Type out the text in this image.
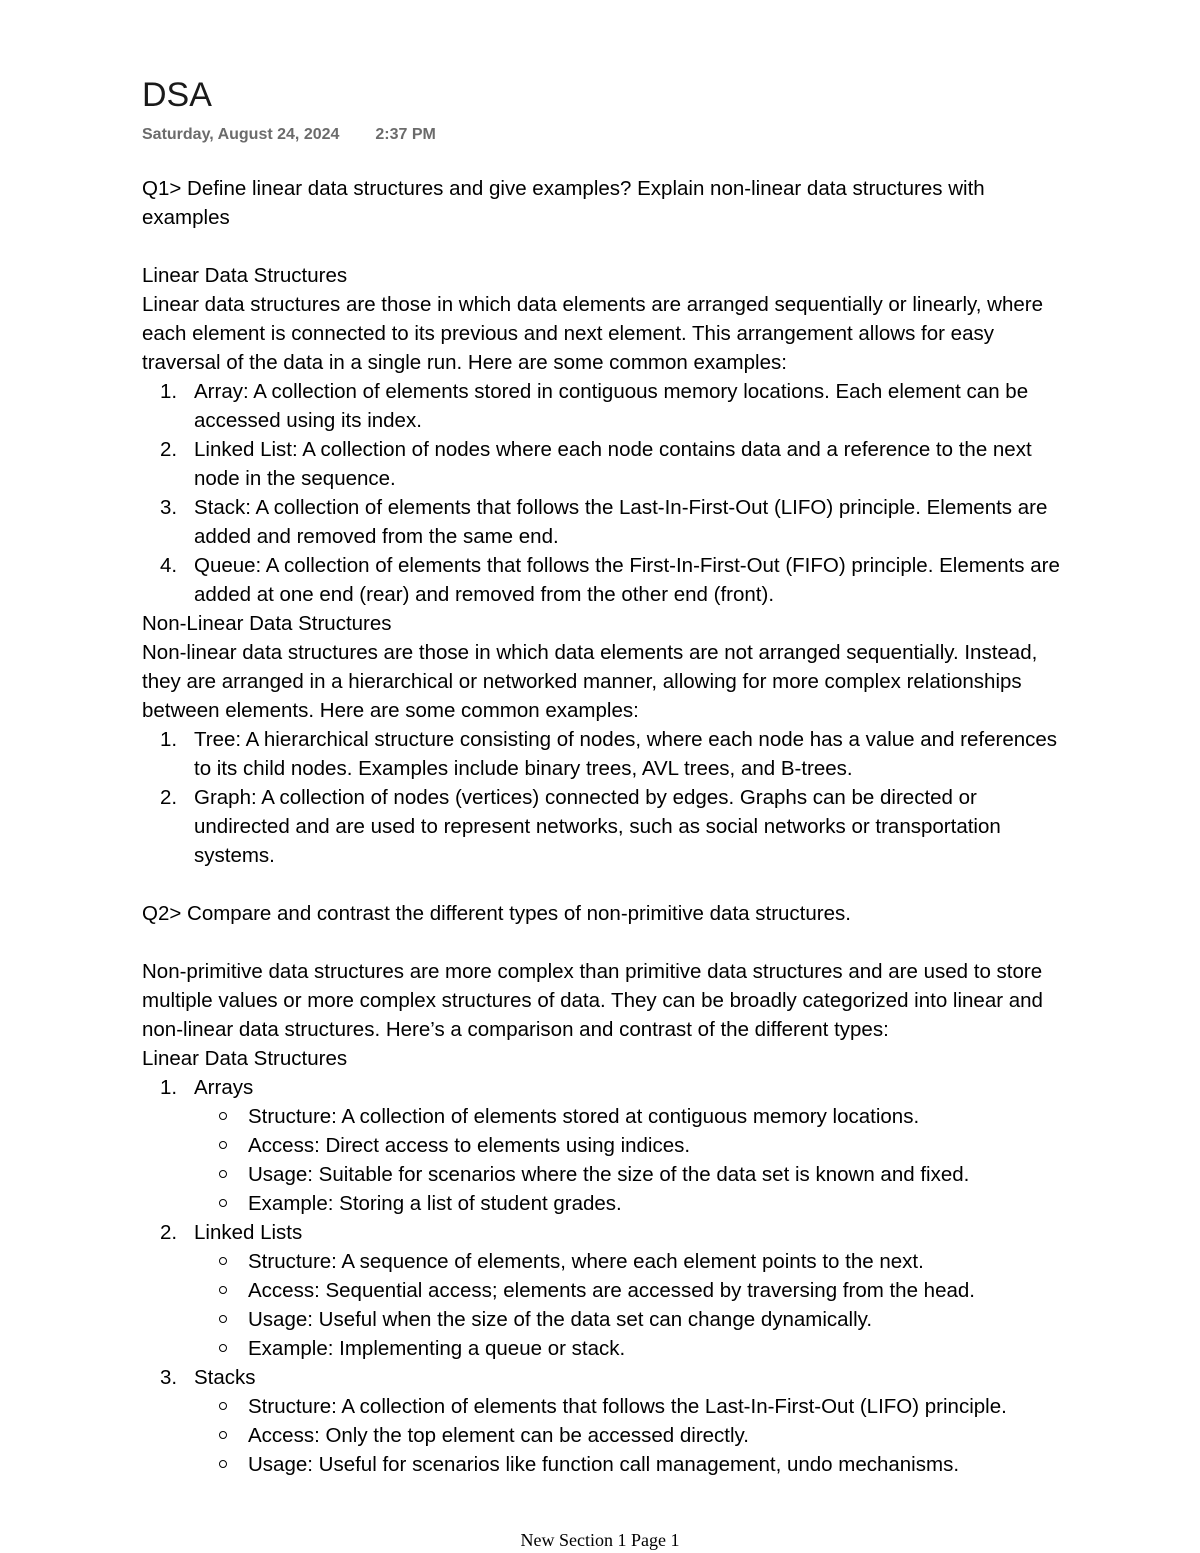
DSA
Saturday, August 24, 2024 2:37 PM

Q1> Define linear data structures and give examples? Explain non-linear data structures with examples

Linear Data Structures

Linear data structures are those in which data elements are arranged sequentially or linearly, where each element is connected to its previous and next element. This arrangement allows for easy traversal of the data in a single run. Here are some common examples:

1. Array: A collection of elements stored in contiguous memory locations. Each element can be accessed using its index.
2. Linked List: A collection of nodes where each node contains data and a reference to the next node in the sequence.
3. Stack: A collection of elements that follows the Last-In-First-Out (LIFO) principle. Elements are added and removed from the same end.
4. Queue: A collection of elements that follows the First-In-First-Out (FIFO) principle. Elements are added at one end (rear) and removed from the other end (front).

Non-Linear Data Structures

Non-linear data structures are those in which data elements are not arranged sequentially. Instead, they are arranged in a hierarchical or networked manner, allowing for more complex relationships between elements. Here are some common examples:

1. Tree: A hierarchical structure consisting of nodes, where each node has a value and references to its child nodes. Examples include binary trees, AVL trees, and B-trees.
2. Graph: A collection of nodes (vertices) connected by edges. Graphs can be directed or undirected and are used to represent networks, such as social networks or transportation systems.

Q2> Compare and contrast the different types of non-primitive data structures.

Non-primitive data structures are more complex than primitive data structures and are used to store multiple values or more complex structures of data. They can be broadly categorized into linear and non-linear data structures. Here’s a comparison and contrast of the different types:

Linear Data Structures

1. Arrays
Structure: A collection of elements stored at contiguous memory locations.
Access: Direct access to elements using indices.
Usage: Suitable for scenarios where the size of the data set is known and fixed.
Example: Storing a list of student grades.
2. Linked Lists
Structure: A sequence of elements, where each element points to the next.
Access: Sequential access; elements are accessed by traversing from the head.
Usage: Useful when the size of the data set can change dynamically.
Example: Implementing a queue or stack.
3. Stacks
Structure: A collection of elements that follows the Last-In-First-Out (LIFO) principle.
Access: Only the top element can be accessed directly.
Usage: Useful for scenarios like function call management, undo mechanisms.
New Section 1 Page 1
